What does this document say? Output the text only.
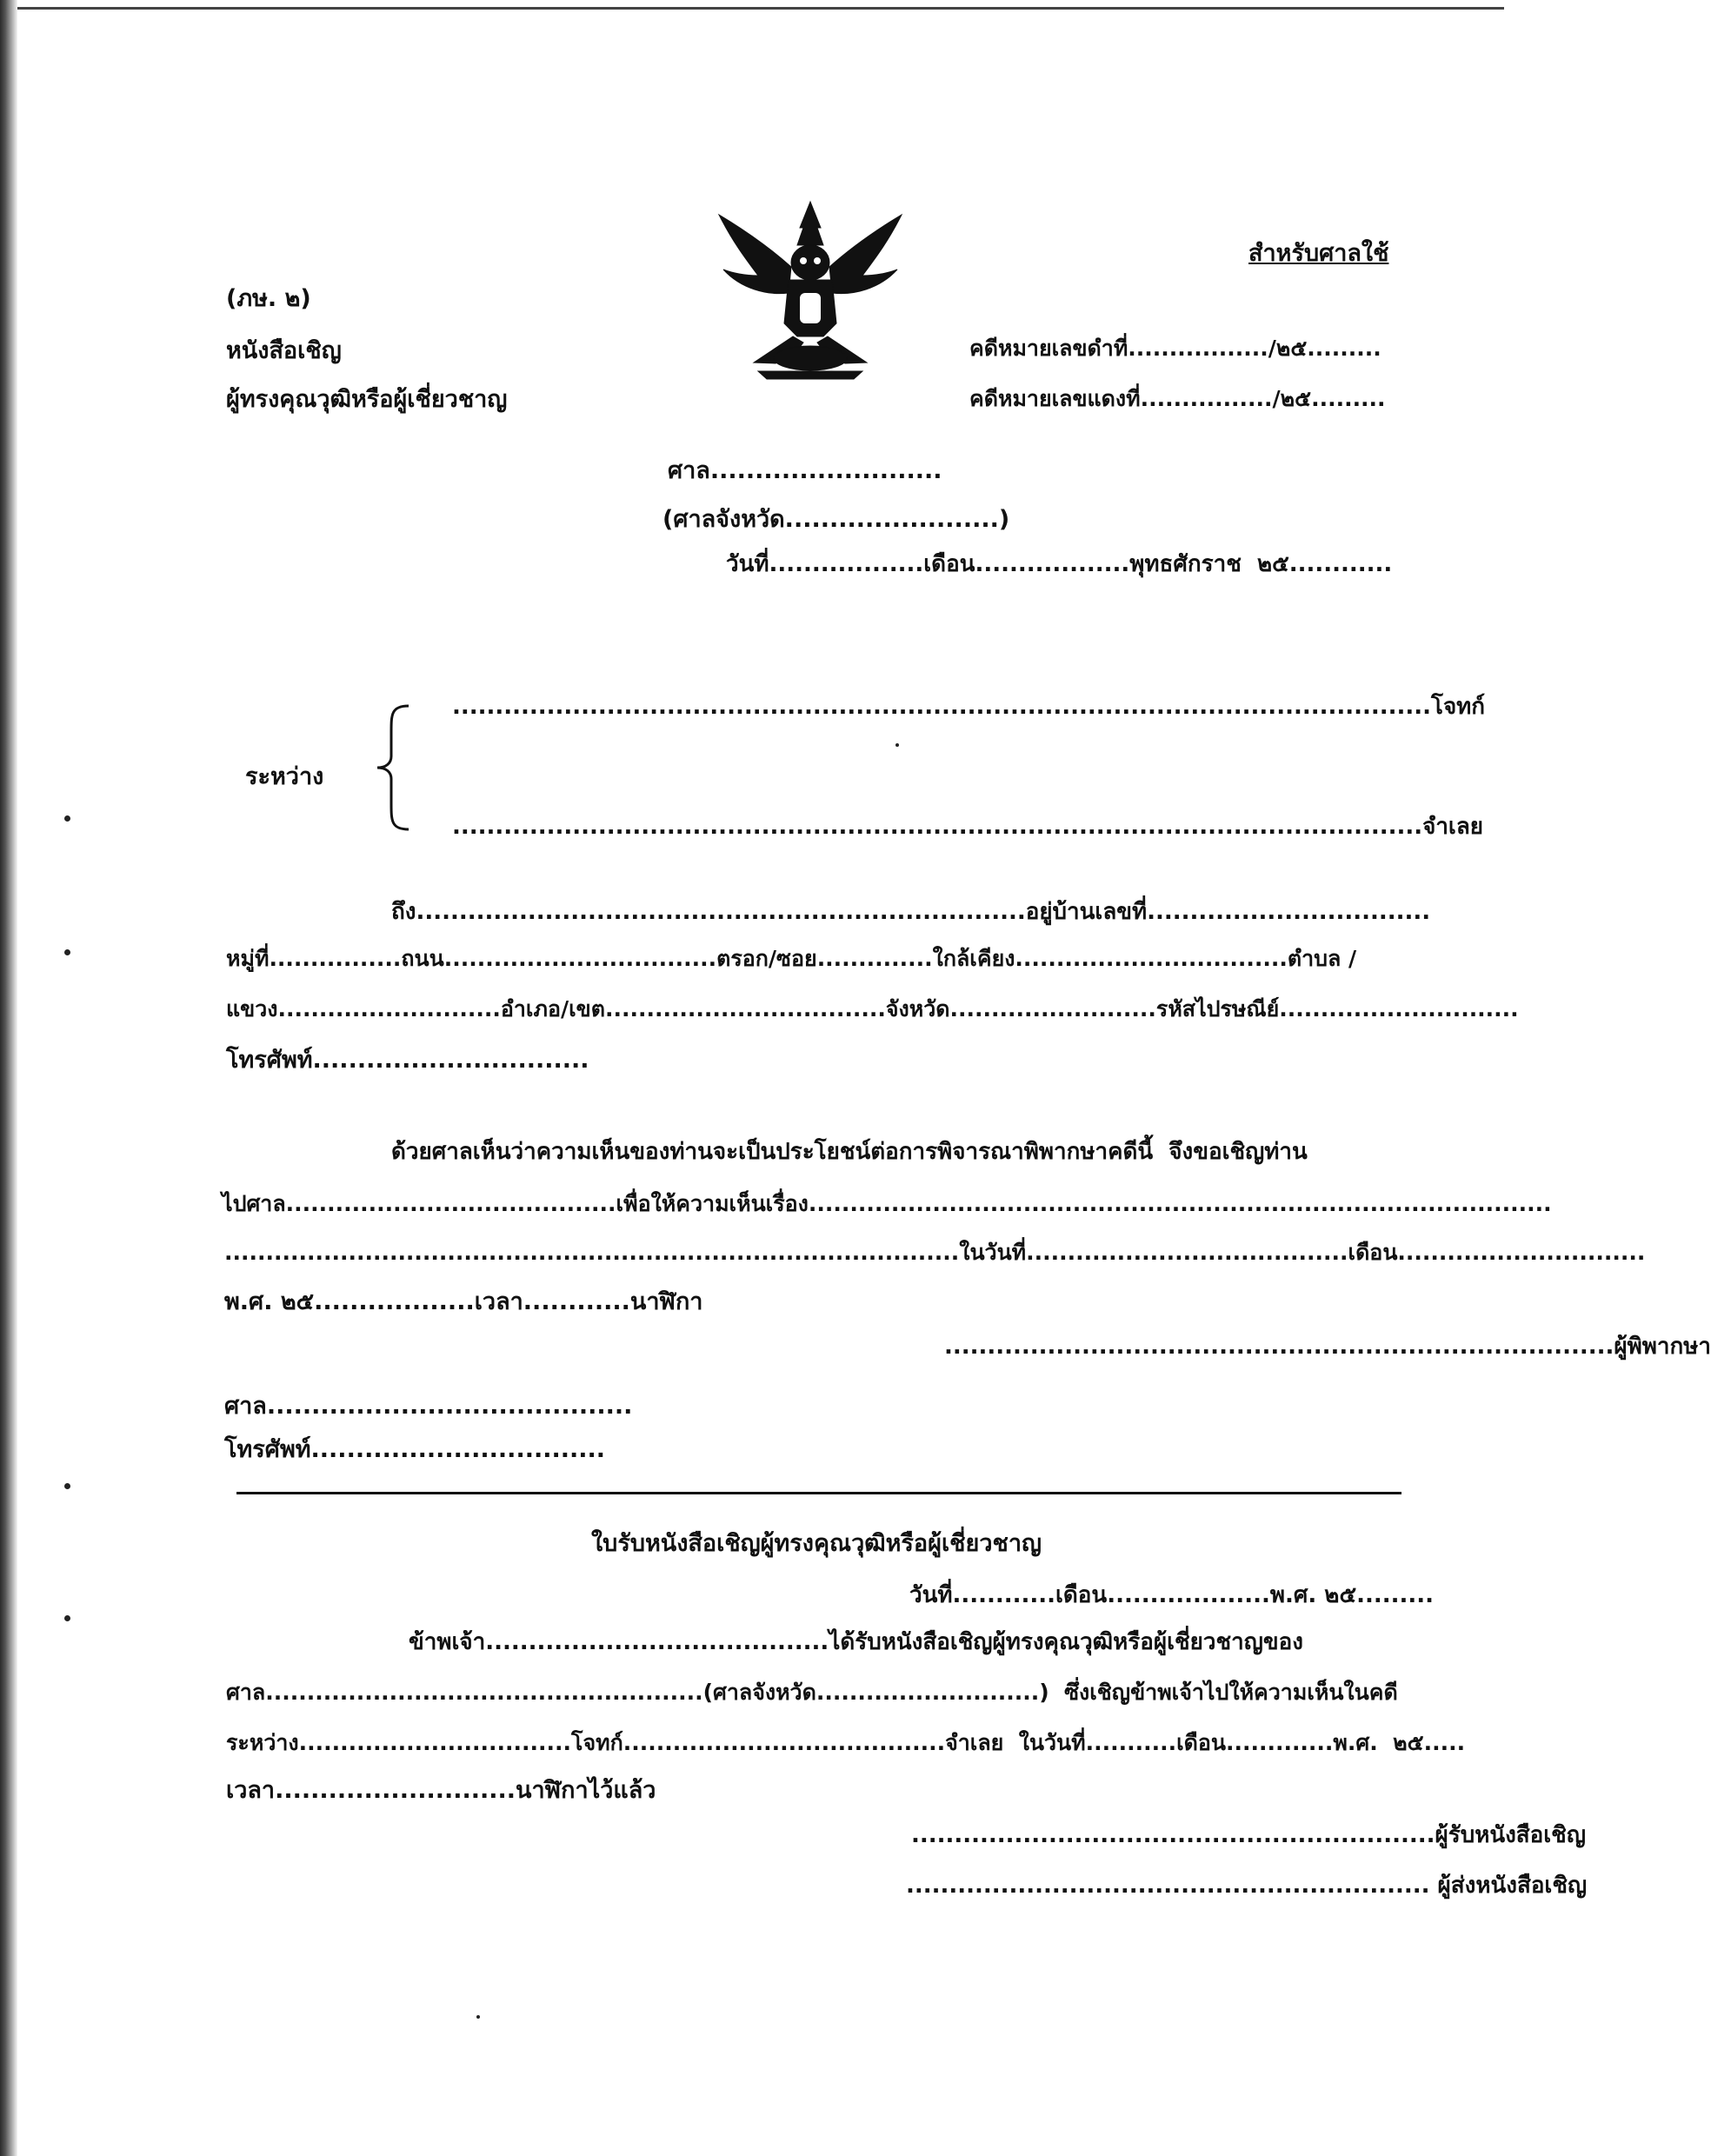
(ภษ. ๒)
หนังสือเชิญ
ผู้ทรงคุณวุฒิหรือผู้เชี่ยวชาญ
สำหรับศาลใช้
คดีหมายเลขดำที่................./๒๕.........
คดีหมายเลขแดงที่................/๒๕.........
ศาล..........................
(ศาลจังหวัด........................)
วันที่..................เดือน..................พุทธศักราช  ๒๕............
ระหว่าง
..................................................................................................................โจทก์
.................................................................................................................จำเลย
ถึง.......................................................................อยู่บ้านเลขที่.................................
หมู่ที่................ถนน.................................ตรอก/ซอย..............ใกล้เคียง.................................ตำบล /
แขวง...........................อำเภอ/เขต..................................จังหวัด.........................รหัสไปรษณีย์.............................
โทรศัพท์...............................
ด้วยศาลเห็นว่าความเห็นของท่านจะเป็นประโยชน์ต่อการพิจารณาพิพากษาคดีนี้  จึงขอเชิญท่าน
ไปศาล........................................เพื่อให้ความเห็นเรื่อง..........................................................................................
.........................................................................................ในวันที่.......................................เดือน..............................
พ.ศ. ๒๕..................เวลา............นาฬิกา
..............................................................................ผู้พิพากษา
ศาล.........................................
โทรศัพท์.................................
ใบรับหนังสือเชิญผู้ทรงคุณวุฒิหรือผู้เชี่ยวชาญ
วันที่............เดือน...................พ.ศ. ๒๕.........
ข้าพเจ้า........................................ได้รับหนังสือเชิญผู้ทรงคุณวุฒิหรือผู้เชี่ยวชาญของ
ศาล.....................................................(ศาลจังหวัด...........................)  ซึ่งเชิญข้าพเจ้าไปให้ความเห็นในคดี
ระหว่าง.................................โจทก์.......................................จำเลย  ในวันที่...........เดือน.............พ.ศ.  ๒๕.....
เวลา...........................นาฬิกาไว้แล้ว
.............................................................ผู้รับหนังสือเชิญ
............................................................. ผู้ส่งหนังสือเชิญ
